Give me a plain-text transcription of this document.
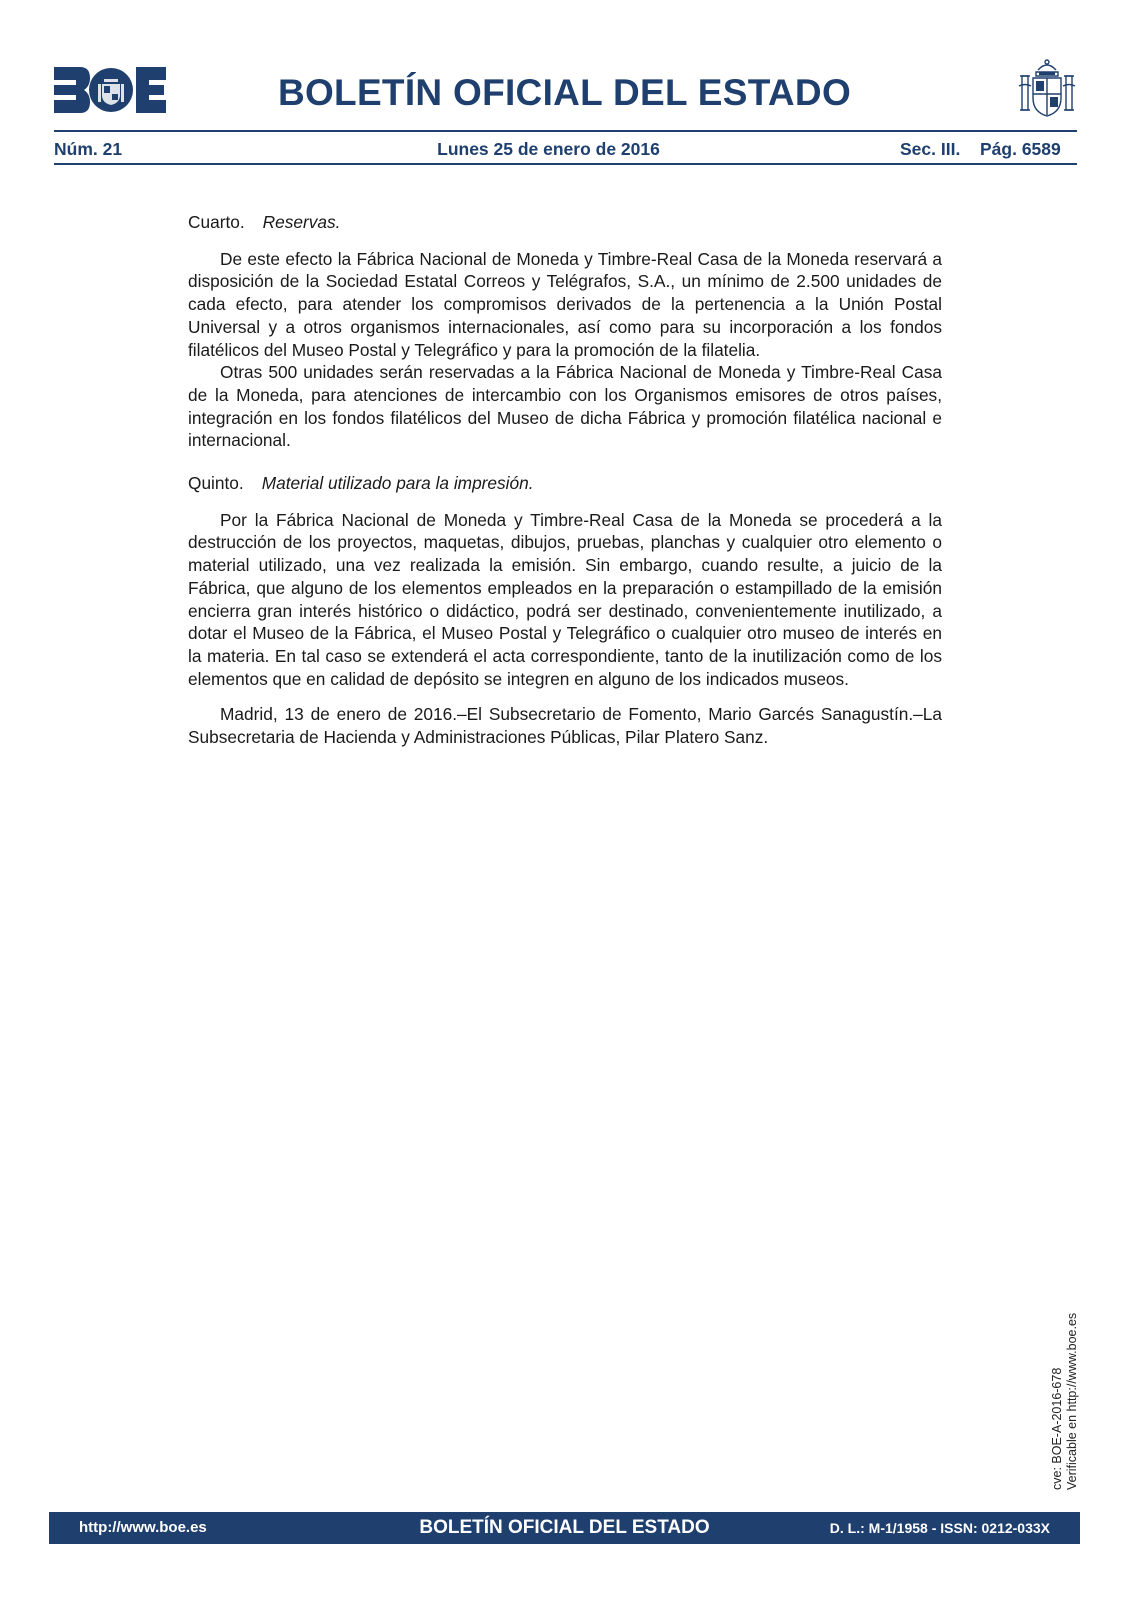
BOLETÍN OFICIAL DEL ESTADO
Núm. 21	Lunes 25 de enero de 2016	Sec. III. Pág. 6589

Cuarto. Reservas.

De este efecto la Fábrica Nacional de Moneda y Timbre-Real Casa de la Moneda reservará a disposición de la Sociedad Estatal Correos y Telégrafos, S.A., un mínimo de 2.500 unidades de cada efecto, para atender los compromisos derivados de la pertenencia a la Unión Postal Universal y a otros organismos internacionales, así como para su incorporación a los fondos filatélicos del Museo Postal y Telegráfico y para la promoción de la filatelia.

Otras 500 unidades serán reservadas a la Fábrica Nacional de Moneda y Timbre-Real Casa de la Moneda, para atenciones de intercambio con los Organismos emisores de otros países, integración en los fondos filatélicos del Museo de dicha Fábrica y promoción filatélica nacional e internacional.

Quinto. Material utilizado para la impresión.

Por la Fábrica Nacional de Moneda y Timbre-Real Casa de la Moneda se procederá a la destrucción de los proyectos, maquetas, dibujos, pruebas, planchas y cualquier otro elemento o material utilizado, una vez realizada la emisión. Sin embargo, cuando resulte, a juicio de la Fábrica, que alguno de los elementos empleados en la preparación o estampillado de la emisión encierra gran interés histórico o didáctico, podrá ser destinado, convenientemente inutilizado, a dotar el Museo de la Fábrica, el Museo Postal y Telegráfico o cualquier otro museo de interés en la materia. En tal caso se extenderá el acta correspondiente, tanto de la inutilización como de los elementos que en calidad de depósito se integren en alguno de los indicados museos.

Madrid, 13 de enero de 2016.–El Subsecretario de Fomento, Mario Garcés Sanagustín.–La Subsecretaria de Hacienda y Administraciones Públicas, Pilar Platero Sanz.

cve: BOE-A-2016-678 Verificable en http://www.boe.es
BOLETÍN OFICIAL DEL ESTADO
http://www.boe.es	D. L.: M-1/1958 - ISSN: 0212-033X
